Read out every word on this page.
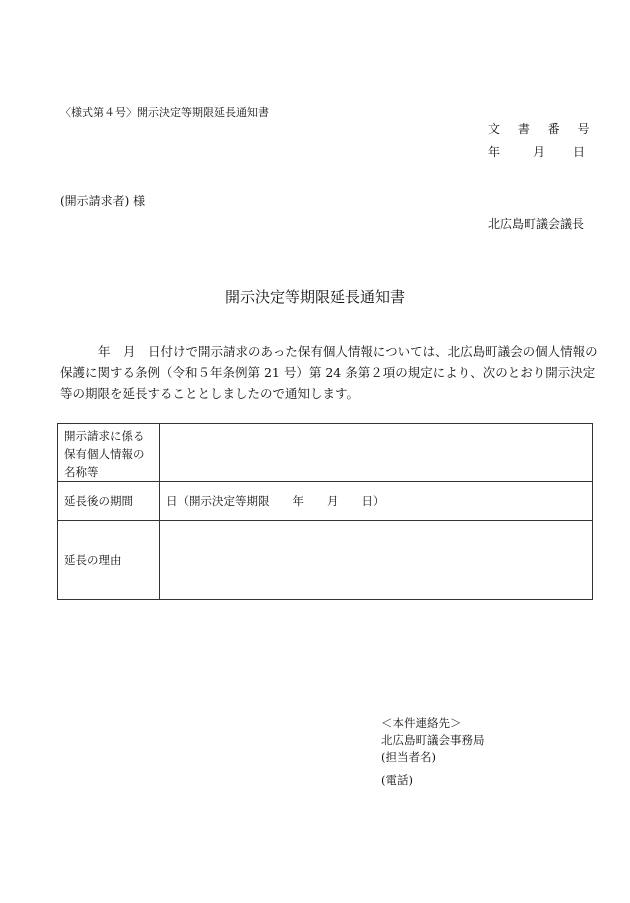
〈様式第４号〉開示決定等期限延長通知書
文 書 番 号
年	月 日
(開示請求者) 様
北広島町議会議長
開示決定等期限延長通知書
年　月　日付けで開示請求のあった保有個人情報については、北広島町議会の個人情報の保護に関する条例（令和５年条例第 21 号）第 24 条第２項の規定により、次のとおり開示決定等の期限を延長することとしましたので通知します。
開示請求に係る保有個人情報の名称等	
延長後の期間	日（開示決定等期限　　年　　月　　日）
延長の理由	
＜本件連絡先＞
北広島町議会事務局
(担当者名)
(電話)
